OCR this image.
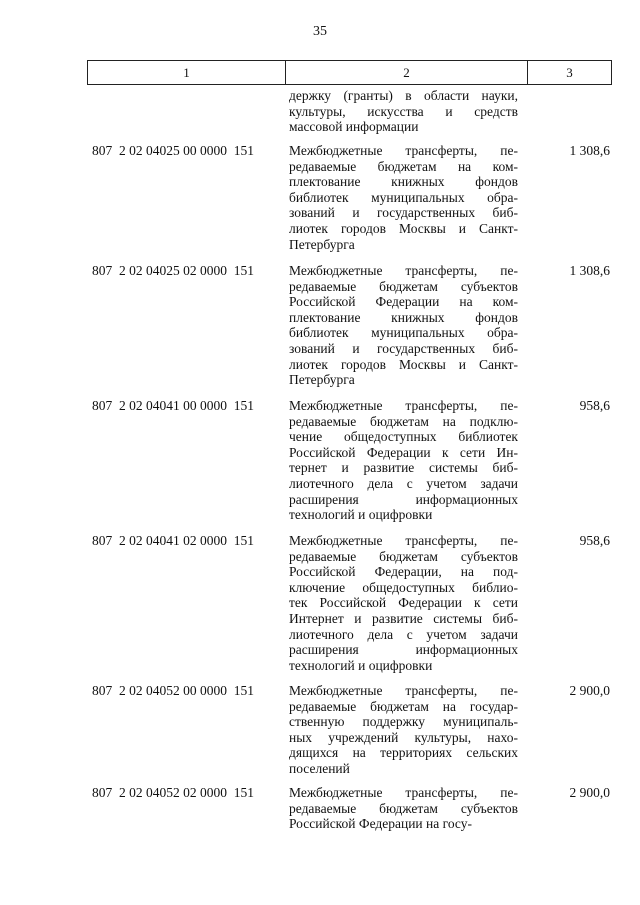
35
1	2	3
держку (гранты) в области науки,
культуры, искусства и средств
массовой информации
807  2 02 04025 00 0000  151	Межбюджетные трансферты, пе-
редаваемые бюджетам на ком-
плектование книжных фондов
библиотек муниципальных обра-
зований и государственных биб-
лиотек городов Москвы и Санкт-
Петербурга
1 308,6
807  2 02 04025 02 0000  151	Межбюджетные трансферты, пе-
редаваемые бюджетам субъектов
Российской Федерации на ком-
плектование книжных фондов
библиотек муниципальных обра-
зований и государственных биб-
лиотек городов Москвы и Санкт-
Петербурга
1 308,6
807  2 02 04041 00 0000  151	Межбюджетные трансферты, пе-
редаваемые бюджетам на подклю-
чение общедоступных библиотек
Российской Федерации к сети Ин-
тернет и развитие системы биб-
лиотечного дела с учетом задачи
расширения информационных
технологий и оцифровки
958,6
807  2 02 04041 02 0000  151	Межбюджетные трансферты, пе-
редаваемые бюджетам субъектов
Российской Федерации, на под-
ключение общедоступных библио-
тек Российской Федерации к сети
Интернет и развитие системы биб-
лиотечного дела с учетом задачи
расширения информационных
технологий и оцифровки
958,6
807  2 02 04052 00 0000  151	Межбюджетные трансферты, пе-
редаваемые бюджетам на государ-
ственную поддержку муниципаль-
ных учреждений культуры, нахо-
дящихся на территориях сельских
поселений
2 900,0
807  2 02 04052 02 0000  151	Межбюджетные трансферты, пе-
редаваемые бюджетам субъектов
Российской Федерации на госу-
2 900,0
